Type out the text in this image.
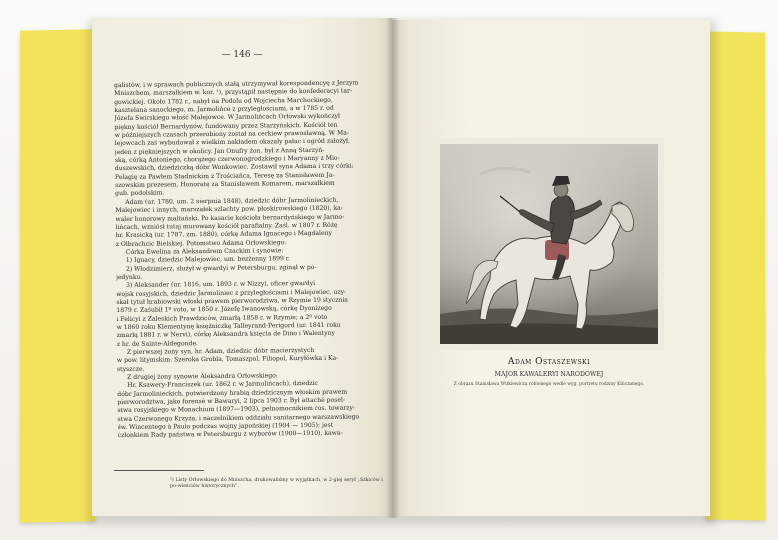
— 146 —
galistów, i w sprawach publicznych stałą utrzymywał korespondencyę z Jerzym
Mniszchem, marszałkiem w. kor. ¹), przystąpił następnie do konfederacyi tar-
gowickiej. Około 1782 r., nabył na Podolu od Wojciecha Marchockiego,
kasztelana sanockiego, m. Jarmolińce z przyległościami, a w 1785 r. od
Józefa Świrskiego włość Malejowce. W Jarmolińcach Orłowski wykończył
piękny kościół Bernardynów, fundowany przez Starzyńskich. Kościół ten
w późniejszych czasach przerobiony został na cerkiew prawosławną. W Ma-
lejowcach zaś wybudował z wielkim nakładem okazały pałac i ogród założył,
jeden z piękniejszych w okolicy. Jan Onufry żon. był z Anną Starzyń-
ską, córką Antoniego, chorążego czerwonogrodzkiego i Maryanny z Mio-
duszewskich, dziedziczką dóbr Wonkowiec. Zostawił syna Adama i trzy córki:
Pelagię za Pawłem Stadnickim z Trościańca, Teresę za Stanisławem Ja-
szowskim prezesem, Honoratę za Stanisławem Komarem, marszałkiem
gub. podolskim.
Adam (ur. 1780, um. 2 sierpnia 1848), dziedzic dóbr Jarmolinieckich,
Malejowiec i innych, marszałek szlachty pow. płoskirowskiego (1820), ka-
waler honorowy maltański. Po kasacie kościoła bernardyńskiego w Jarmo-
lińcach, wzniósł tutaj murowany kościół parafialny. Zaśl. w 1807 r. Różę
hr. Krasicką (ur. 1787, zm. 1880), córkę Adama Ignacego i Magdaleny
z Olbrachcic Bielskiej. Potomstwo Adama Orłowskiego:
Córka Ewelina za Aleksandrem Czackim i synowie:
1) Ignacy, dziedzic Malejowiec, um. bezżenny 1899 r.
2) Włodzimierz, służył w gwardyi w Petersburgu, zginął w po-
jedynku.
3) Aleksander (ur. 1816, um. 1893 r. w Nizzy), oficer gwardyi
wojsk rosyjskich, dziedzic Jarmoliniec z przyległościami i Malejowiec, uzy-
skał tytuł hrabiowski włoski prawem pierworodztwa, w Rzymie 19 stycznia
1879 r. Zaśubił 1º voto, w 1850 r. Józefę Iwanowską, córkę Dyonizego
i Felicyi z Zaleskich Prawdziców, zmarłą 1858 r. w Rzymie; a 2º voto
w 1860 roku Klementynę księżniczkę Talleyrand-Perigord (ur. 1841 roku
zmarłą 1881 r. w Nervi), córkę Aleksandra księcia de Dino i Walentyny
z hr. de Sainte-Aldegonde.
Z pierwszej żony syn, hr. Adam, dziedzic dóbr macierzystych
w pow. litymskim: Szeroka Grobla, Tomaszpol, Filiopol, Kuryłówka i Ka-
styszcze.
Z drugiej żony synowie Aleksandra Orłowskiego:
Hr. Ksawery-Franciszek (ur. 1862 r. w Jarmolińcach), dziedzic
dóbr Jarmolinieckich, potwierdzony hrabią dziedzicznym włoskim prawem
pierworodztwa, jako forensè w Bawaryi, 2 lipca 1903 r. Był attaché posel-
stwa rosyjskiego w Monachium (1897—1903), pełnomocnikiem ros. towarzy-
stwa Czerwonego Krzyża, i naczelnikiem oddziału sanitarnego warszawskiego
św. Wincentego à Paulo podczas wojny japońskiej (1904 — 1905); jest
członkiem Rady państwa w Petersburgu z wyborów (1900—1910), kawa-
¹) Listy Orłowskiego do Mniszcha, drukowaliśmy w wyjątkach, w 2-giej serył „Szkiców i po-wieściów historycznych“.
Adam Ostaszewski
MAJOR KAWALERYI NARODOWEJ
Z obrazu Stanisława Witkiewicza robionego wedle wyg. portretu rodziny Kiliczanego.
